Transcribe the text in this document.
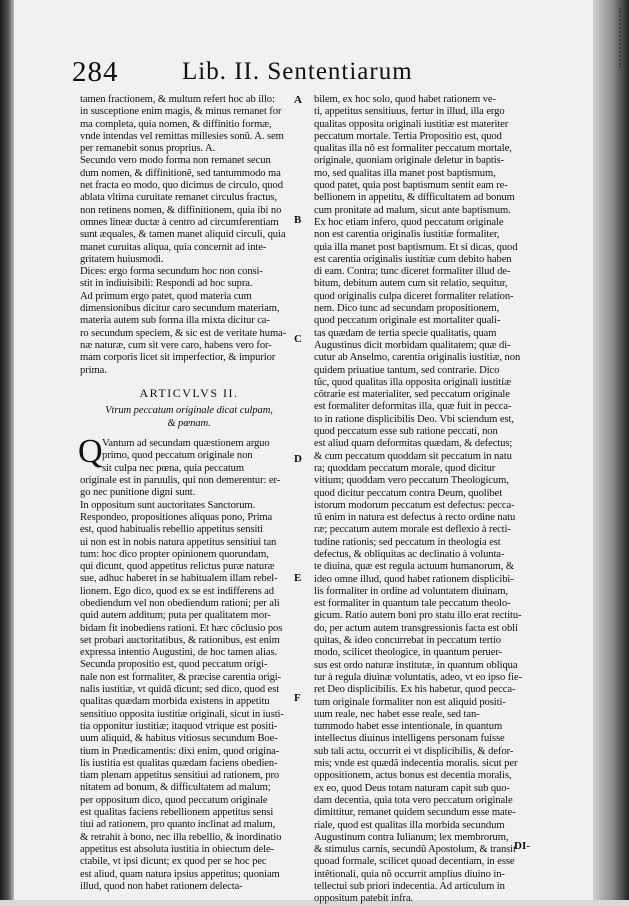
284	Lib. II. Sententiarum
tamen fractionem, & multum refert hoc ab illo:
in susceptione enim magis, & minus remanet for
ma completa, quia nomen, & diffinitio formæ,
vnde intendas vel remittas millesies sonũ. A. sem
per remanebit sonus proprius. A.
Secundo vero modo forma non remanet secun
dum nomen, & diffinitionẽ, sed tantummodo ma
net fracta eo modo, quo dicimus de circulo, quod
ablata vltima curuitate remanet circulus fractus,
non retinens nomen, & diffinitionem, quia ibi no
omnes lineæ ductæ à centro ad circumferentiam
sunt æquales, & tamen manet aliquid circuli, quia
manet curuitas aliqua, quia concernit ad inte-
gritatem huiusmodi.
Dices: ergo forma secundum hoc non consi-
stit in indiuisibili: Respondi ad hoc supra.
Ad primum ergo patet, quod materia cum
dimensionibus dicitur caro secundum materiam,
materia autem sub forma illa mixta dicitur ca-
ro secundum speciem, & sic est de veritate huma-
næ naturæ, cum sit vere caro, habens vero for-
mam corporis licet sit imperfectior, & impurior
prima.
ARTICVLVS II.
Vtrum peccatum originale dicat culpam,
& pœnam.
Q Vantum ad secundam quæstionem arguo
primo, quod peccatum originale non
sit culpa nec pœna, quia peccatum
originale est in paruulis, qui non demerentur: er-
go nec punitione digni sunt.
In oppositum sunt auctoritates Sanctorum.
Respondeo, propositiones aliquas pono, Prima
est, quod habitualis rebellio appetitus sensiti
ui non est in nobis natura appetitus sensitiui tan
tum: hoc dico propter opinionem quorundam,
qui dicunt, quod appetitus relictus puræ naturæ
sue, adhuc haberet in se habitualem illam rebel-
lionem. Ego dico, quod ex se est indifferens ad
obediendum vel non obediendum rationi; per ali
quid autem additum; puta per qualitatem mor-
bidam fit inobediens rationi. Et hæc cõclusio pos
set probari auctoritatibus, & rationibus, est enim
expressa intentio Augustini, de hoc tamen alias.
Secunda propositio est, quod peccatum origi-
nale non est formaliter, & præcise carentia origi-
nalis iustitiæ, vt quidã dicunt; sed dico, quod est
qualitas quædam morbida existens in appetitu
sensitiuo opposita iustitiæ originali, sicut in iusti-
tia opponitur iustitiæ; itaquod vtrique est positi-
uum aliquid, & habitus vitiosus secundum Boe-
tium in Prædicamentis: dixi enim, quod origina-
lis iustitia est qualitas quædam faciens obedien-
tiam plenam appetitus sensitiui ad rationem, pro
nitatem ad bonum, & difficultatem ad malum;
per oppositum dico, quod peccatum originale
est qualitas faciens rebellionem appetitus sensi
tiui ad rationem, pro quanto inclinat ad malum,
& retrahit à bono, nec illa rebellio, & inordinatio
appetitus est absoluta iustitia in obiectum dele-
ctabile, vt ipsi dicunt; ex quod per se hoc pec
est aliud, quam natura ipsius appetitus; quoniam
illud, quod non habet rationem delecta-
bilem, ex hoc solo, quod habet rationem ve-
ti, appetitus sensitiuus, fertur in illud, illa ergo
qualitas opposita originali iustitiæ est materiter
peccatum mortale. Tertia Propositio est, quod
qualitas illa nõ est formaliter peccatum mortale,
originale, quoniam originale deletur in baptis-
mo, sed qualitas illa manet post baptismum,
quod patet, quia post baptismum sentit eam re-
bellionem in appetitu, & difficultatem ad bonum
cum pronitate ad malum, sicut ante baptismum.
Ex hoc etiam infero, quod peccatum originale
non est carentia originalis iustitiæ formaliter,
quia illa manet post baptismum. Et si dicas, quod
est carentia originalis iustitiæ cum debito haben
di eam. Contra; tunc diceret formaliter illud de-
bitum, debitum autem cum sit relatio, sequitur,
quod originalis culpa diceret formaliter relation-
nem. Dico tunc ad secundam propositionem,
quod peccatum originale est mortaliter quali-
tas quædam de tertia specie qualitatis, quam
Augustinus dicit morbidam qualitatem; quæ di-
cutur ab Anselmo, carentia originalis iustitiæ, non
quidem priuatiue tantum, sed contrarie. Dico
tũc, quod qualitas illa opposita originali iustitiæ
cõtrarie est materialiter, sed peccatum originale
est formaliter deformitas illa, quæ fuit in pecca-
to in ratione displicibilis Deo. Vbi sciendum est,
quod peccatum esse sub ratione peccati, non
est aliud quam deformitas quædam, & defectus;
& cum peccatum quoddam sit peccatum in natu
ra; quoddam peccatum morale, quod dicitur
vitium; quoddam vero peccatum Theologicum,
quod dicitur peccatum contra Deum, quolibet
istorum modorum peccatum est defectus: pecca-
tũ enim in natura est defectus à recto ordine natu
ræ; peccatum autem morale est deflexio à recti-
tudine rationis; sed peccatum in theologia est
defectus, & obliquitas ac declinatio à volunta-
te diuina, quæ est regula actuum humanorum, &
ideo omne illud, quod habet rationem displicibi-
lis formaliter in ordine ad voluntatem diuinam,
est formaliter in quantum tale peccatum theolo-
gicum. Ratio autem boni pro statu illo erat rectitu-
do, per actum autem transgressionis facta est obli
quitas, & ideo concurrebat in peccatum tertio
modo, scilicet theologice, in quantum peruer-
sus est ordo naturæ institutæ, in quantum obliqua
tur à regula diuinæ voluntatis, adeo, vt eo ipso fie-
ret Deo displicibilis. Ex his habetur, quod pecca-
tum originale formaliter non est aliquid positi-
uum reale, nec habet esse reale, sed tan-
tummodo habet esse intentionale, in quantum
intellectus diuinus intelligens personam fuisse
sub tali actu, occurrit ei vt displicibilis, & defor-
mis; vnde est quædã indecentia moralis. sicut per
oppositionem, actus bonus est decentia moralis,
ex eo, quod Deus totam naturam capit sub quo-
dam decentia, quia tota vero peccatum originale
dimittitur, remanet quidem secundum esse mate-
riale, quod est qualitas illa morbida secundum
Augustinum contra Iulianum; lex membrorum,
& stimulus carnis, secundũ Apostolum, & transit
quoad formale, scilicet quoad decentiam, in esse
intẽtionali, quia nõ occurrit amplius diuino in-
tellectui sub priori indecentia. Ad articulum in
oppositum patebit infra.
A
B
C
D
E
F
DI-
